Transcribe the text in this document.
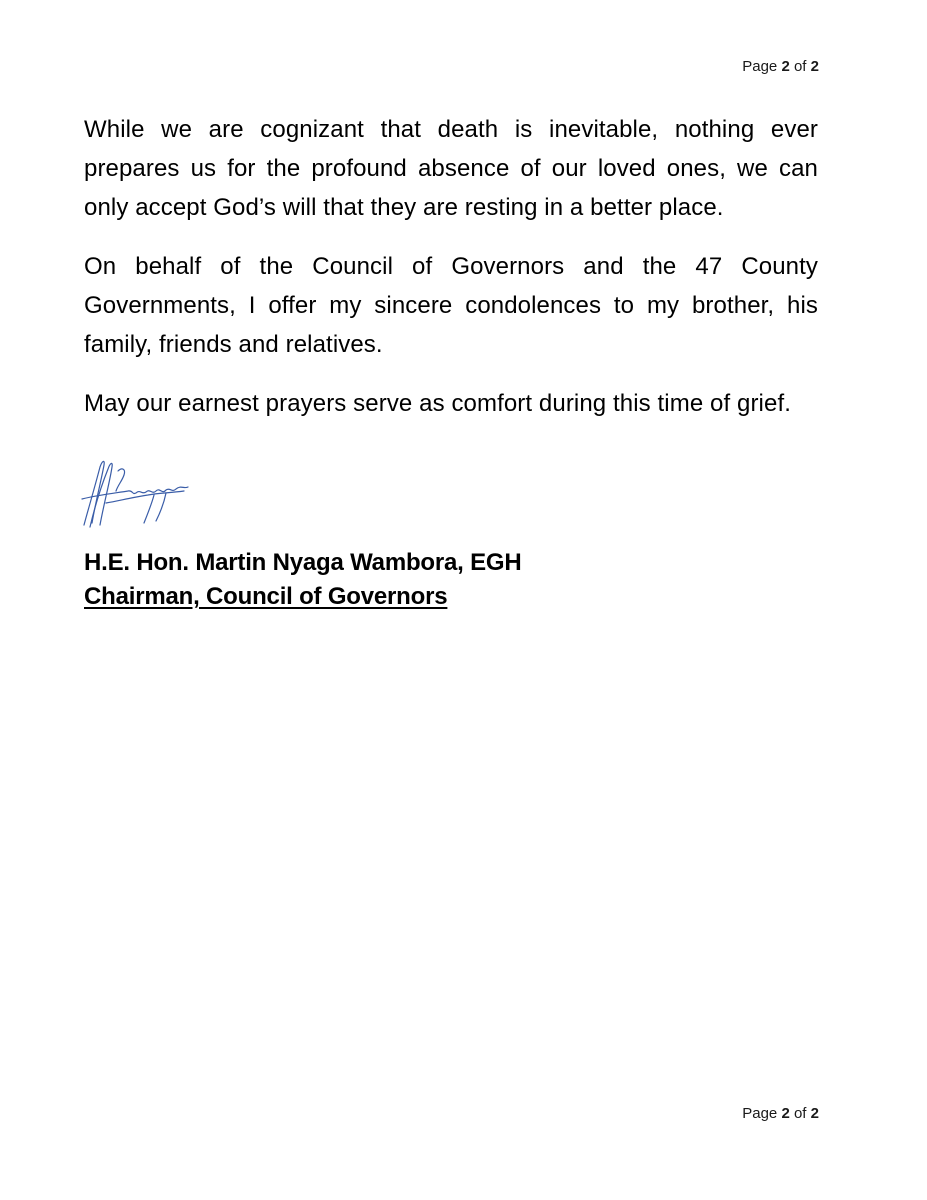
Page 2 of 2

While we are cognizant that death is inevitable, nothing ever prepares us for the profound absence of our loved ones, we can only accept God’s will that they are resting in a better place.

On behalf of the Council of Governors and the 47 County Governments, I offer my sincere condolences to my brother, his family, friends and relatives.

May our earnest prayers serve as comfort during this time of grief.

H.E. Hon. Martin Nyaga Wambora, EGH
Chairman, Council of Governors
Page 2 of 2
